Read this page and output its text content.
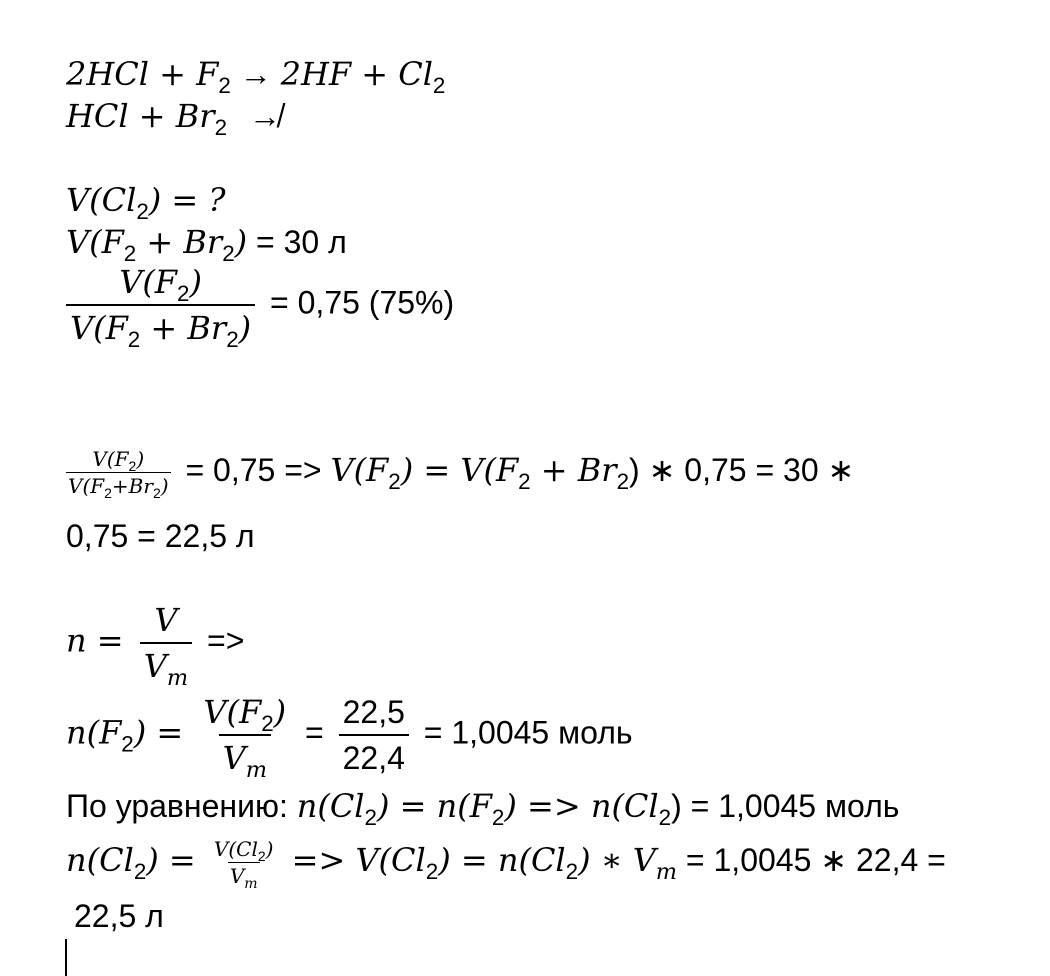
$2HCl + F_2 \to 2HF + Cl_2$
HCl + $Br_2$ ↛
$V(Cl_2)$ = ?
$V(F_2 + Br_2) = 30$ л
$\frac{V(F_2)}{V(F_2 + Br_2)} = 0,75$ (75%)
$\frac{V(F_2)}{V(F_2+Br_2)} = 0,75 => V(F_2) = V(F_2 + Br_2)$ ∗ 0,75 = 30 ∗
0,75 = 22,5 л
$n = \frac{V}{V_m}$ =>
$n(F_2) = \frac{V(F_2)}{V_m} = \frac{22,5}{22,4} = 1,0045$ моль
По уравнению: $n(Cl_2) = n(F_2) => n(Cl_2) = 1,0045$ моль
$n(Cl_2) = \frac{V(Cl_2)}{V_m} => V(Cl_2) = n(Cl_2)$ ∗ $V_m = 1,0045$ ∗ 22,4 =
22,5 л
